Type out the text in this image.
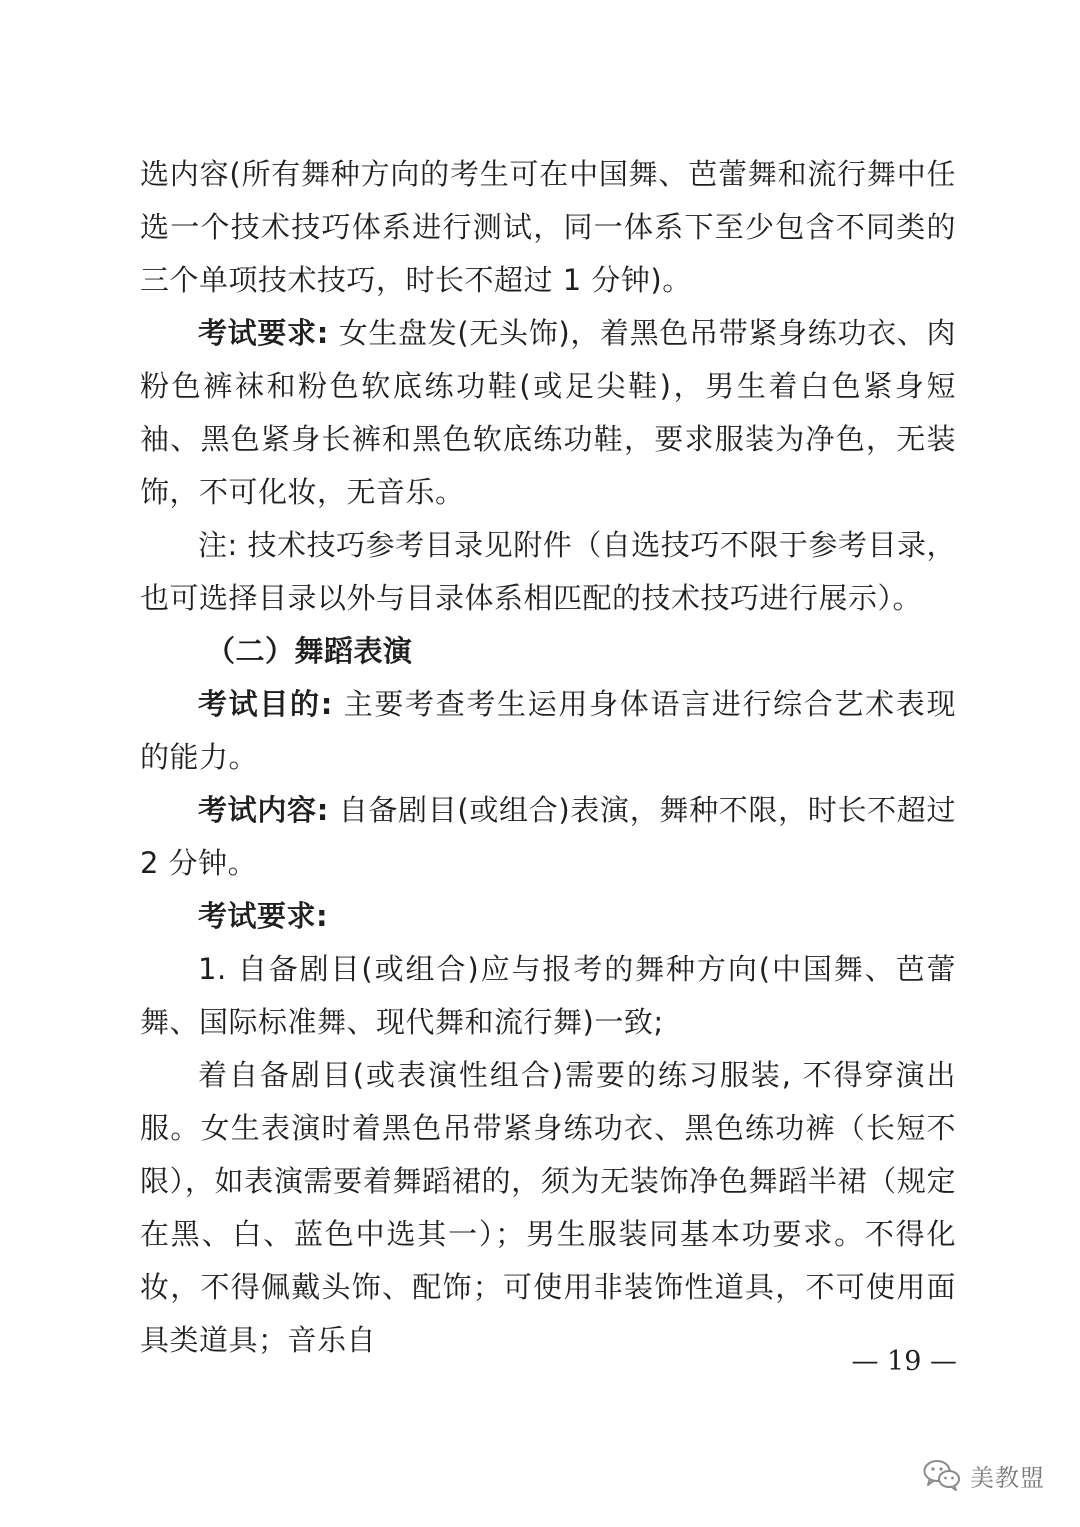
选内容(所有舞种方向的考生可在中国舞、芭蕾舞和流行舞中任选一个技术技巧体系进行测试，同一体系下至少包含不同类的三个单项技术技巧，时长不超过 1 分钟)。

考试要求: 女生盘发(无头饰)，着黑色吊带紧身练功衣、肉粉色裤袜和粉色软底练功鞋(或足尖鞋)，男生着白色紧身短袖、黑色紧身长裤和黑色软底练功鞋，要求服装为净色，无装饰，不可化妆，无音乐。

注: 技术技巧参考目录见附件（自选技巧不限于参考目录，也可选择目录以外与目录体系相匹配的技术技巧进行展示）。

（二）舞蹈表演

考试目的: 主要考查考生运用身体语言进行综合艺术表现的能力。

考试内容: 自备剧目(或组合)表演，舞种不限，时长不超过 2 分钟。

考试要求:

1. 自备剧目(或组合)应与报考的舞种方向(中国舞、芭蕾舞、国际标准舞、现代舞和流行舞)一致;

着自备剧目(或表演性组合)需要的练习服装, 不得穿演出服。女生表演时着黑色吊带紧身练功衣、黑色练功裤（长短不限），如表演需要着舞蹈裙的，须为无装饰净色舞蹈半裙（规定在黑、白、蓝色中选其一）；男生服装同基本功要求。不得化妆，不得佩戴头饰、配饰；可使用非装饰性道具，不可使用面具类道具；音乐自

— 19 —
美教盟
